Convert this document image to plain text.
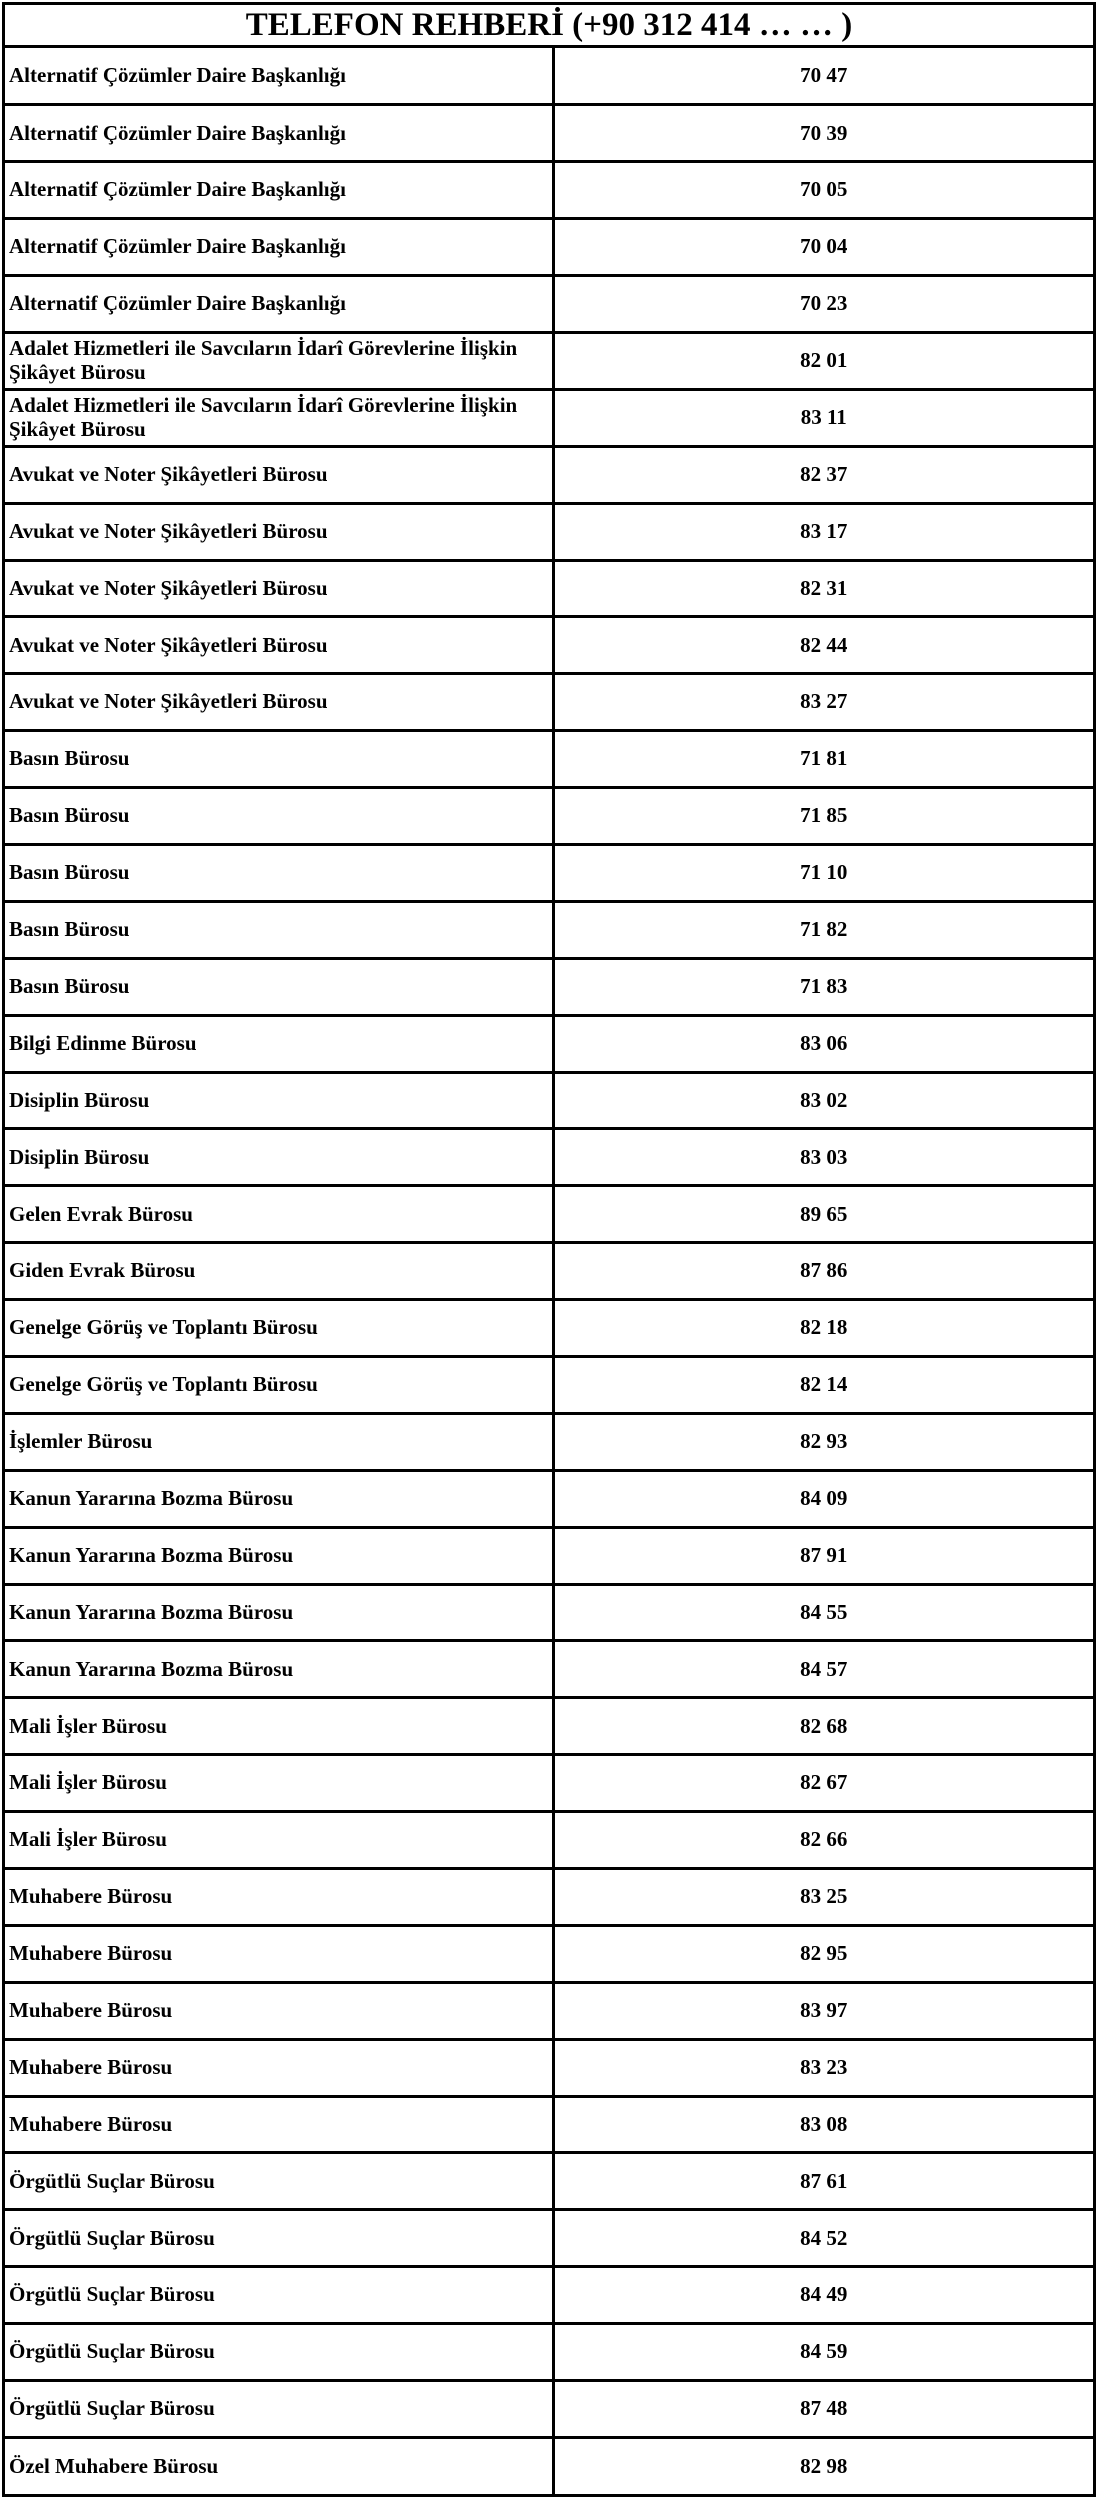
TELEFON REHBERİ (+90 312 414 … … )
Alternatif Çözümler Daire Başkanlığı	70 47
Alternatif Çözümler Daire Başkanlığı	70 39
Alternatif Çözümler Daire Başkanlığı	70 05
Alternatif Çözümler Daire Başkanlığı	70 04
Alternatif Çözümler Daire Başkanlığı	70 23
Adalet Hizmetleri ile Savcıların İdarî Görevlerine İlişkin Şikâyet Bürosu	82 01
Adalet Hizmetleri ile Savcıların İdarî Görevlerine İlişkin Şikâyet Bürosu	83 11
Avukat ve Noter Şikâyetleri Bürosu	82 37
Avukat ve Noter Şikâyetleri Bürosu	83 17
Avukat ve Noter Şikâyetleri Bürosu	82 31
Avukat ve Noter Şikâyetleri Bürosu	82 44
Avukat ve Noter Şikâyetleri Bürosu	83 27
Basın Bürosu	71 81
Basın Bürosu	71 85
Basın Bürosu	71 10
Basın Bürosu	71 82
Basın Bürosu	71 83
Bilgi Edinme Bürosu	83 06
Disiplin Bürosu	83 02
Disiplin Bürosu	83 03
Gelen Evrak Bürosu	89 65
Giden Evrak Bürosu	87 86
Genelge Görüş ve Toplantı Bürosu	82 18
Genelge Görüş ve Toplantı Bürosu	82 14
İşlemler Bürosu	82 93
Kanun Yararına Bozma Bürosu	84 09
Kanun Yararına Bozma Bürosu	87 91
Kanun Yararına Bozma Bürosu	84 55
Kanun Yararına Bozma Bürosu	84 57
Mali İşler Bürosu	82 68
Mali İşler Bürosu	82 67
Mali İşler Bürosu	82 66
Muhabere Bürosu	83 25
Muhabere Bürosu	82 95
Muhabere Bürosu	83 97
Muhabere Bürosu	83 23
Muhabere Bürosu	83 08
Örgütlü Suçlar Bürosu	87 61
Örgütlü Suçlar Bürosu	84 52
Örgütlü Suçlar Bürosu	84 49
Örgütlü Suçlar Bürosu	84 59
Örgütlü Suçlar Bürosu	87 48
Özel Muhabere Bürosu	82 98
